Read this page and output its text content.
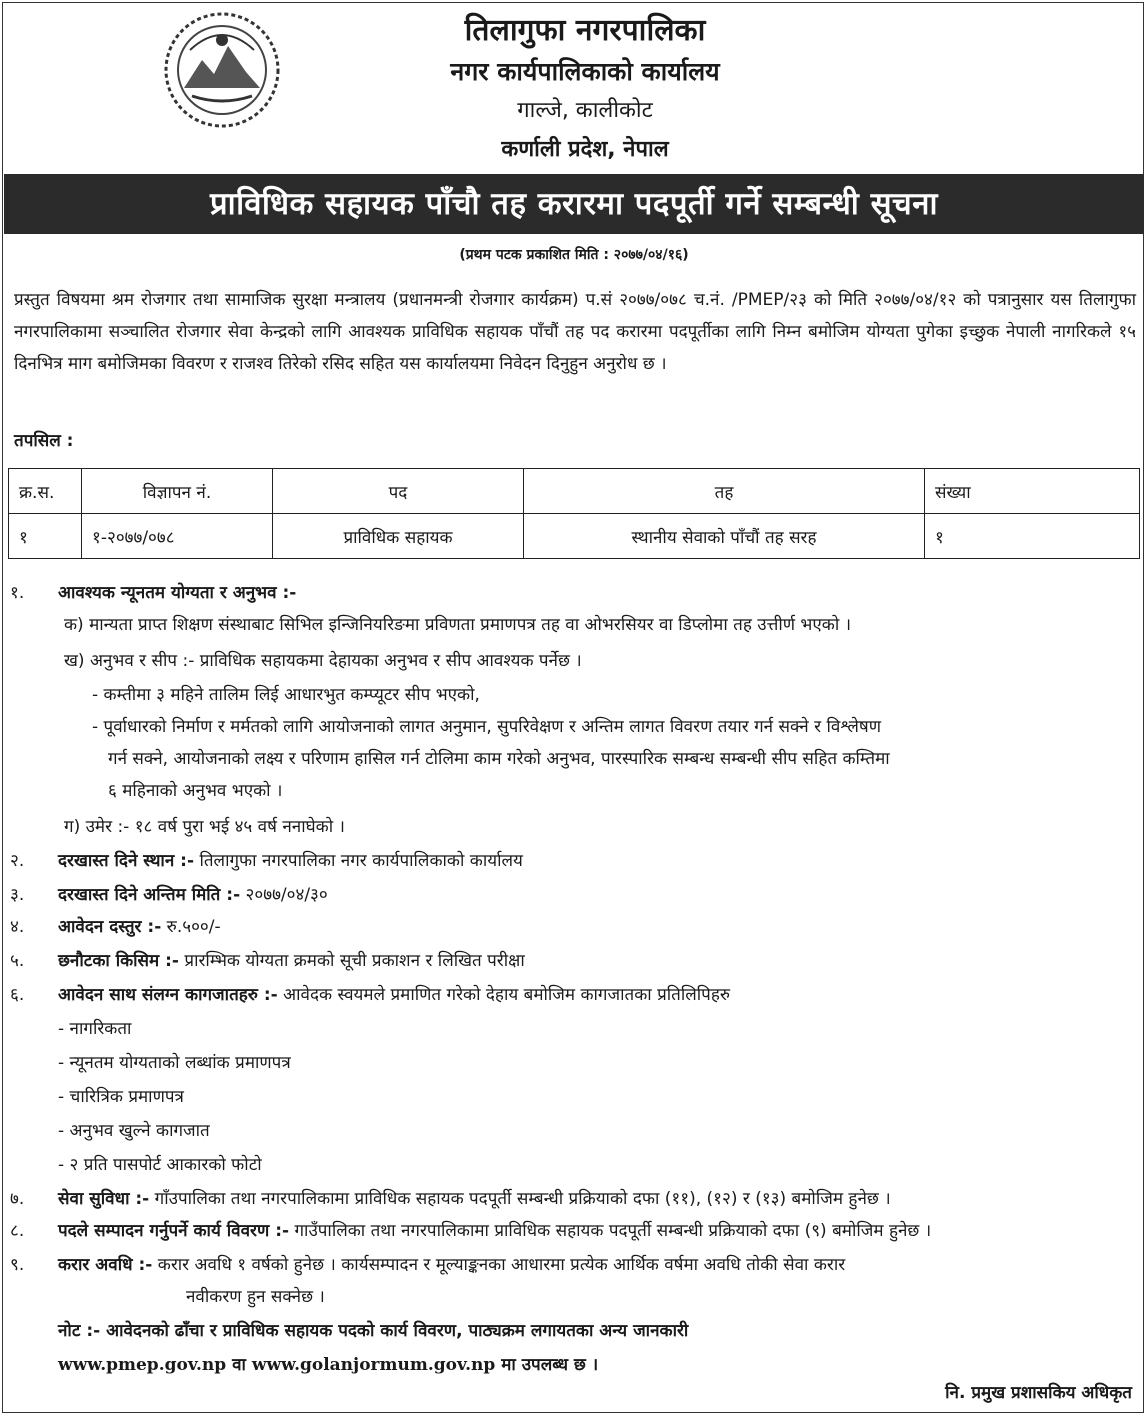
तिलागुफा नगरपालिका
नगर कार्यपालिकाको कार्यालय
गाल्जे, कालीकोट
कर्णाली प्रदेश, नेपाल
प्राविधिक सहायक पाँचौ तह करारमा पदपूर्ती गर्ने सम्बन्धी सूचना
(प्रथम पटक प्रकाशित मिति : २०७७/०४/१६)
प्रस्तुत विषयमा श्रम रोजगार तथा सामाजिक सुरक्षा मन्त्रालय (प्रधानमन्त्री रोजगार कार्यक्रम) प.सं २०७७/०७८ च.नं. /PMEP/२३ को मिति २०७७/०४/१२ को पत्रानुसार यस तिलागुफा नगरपालिकामा सञ्चालित रोजगार सेवा केन्द्रको लागि आवश्यक प्राविधिक सहायक पाँचौं तह पद करारमा पदपूर्तीका लागि निम्न बमोजिम योग्यता पुगेका इच्छुक नेपाली नागरिकले १५ दिनभित्र माग बमोजिमका विवरण र राजश्व तिरेको रसिद सहित यस कार्यालयमा निवेदन दिनुहुन अनुरोध छ ।
तपसिल :
क्र.स.	विज्ञापन नं.	पद	तह	संख्या
१	१-२०७७/०७८	प्राविधिक सहायक	स्थानीय सेवाको पाँचौं तह सरह	१
१. आवश्यक न्यूनतम योग्यता र अनुभव :-
क) मान्यता प्राप्त शिक्षण संस्थाबाट सिभिल इन्जिनियरिङमा प्रविणता प्रमाणपत्र तह वा ओभरसियर वा डिप्लोमा तह उत्तीर्ण भएको ।
ख) अनुभव र सीप :- प्राविधिक सहायकमा देहायका अनुभव र सीप आवश्यक पर्नेछ ।
- कम्तीमा ३ महिने तालिम लिई आधारभुत कम्प्यूटर सीप भएको,
- पूर्वाधारको निर्माण र मर्मतको लागि आयोजनाको लागत अनुमान, सुपरिवेक्षण र अन्तिम लागत विवरण तयार गर्न सक्ने र विश्लेषण
गर्न सक्ने, आयोजनाको लक्ष्य र परिणाम हासिल गर्न टोलिमा काम गरेको अनुभव, पारस्पारिक सम्बन्ध सम्बन्धी सीप सहित कम्तिमा
६ महिनाको अनुभव भएको ।
ग) उमेर :- १८ वर्ष पुरा भई ४५ वर्ष ननाघेको ।
२. दरखास्त दिने स्थान :- तिलागुफा नगरपालिका नगर कार्यपालिकाको कार्यालय
३. दरखास्त दिने अन्तिम मिति :- २०७७/०४/३०
४. आवेदन दस्तुर :- रु.५००/-
५. छनौटका किसिम :- प्रारम्भिक योग्यता क्रमको सूची प्रकाशन र लिखित परीक्षा
६. आवेदन साथ संलग्न कागजातहरु :- आवेदक स्वयमले प्रमाणित गरेको देहाय बमोजिम कागजातका प्रतिलिपिहरु
- नागरिकता
- न्यूनतम योग्यताको लब्धांक प्रमाणपत्र
- चारित्रिक प्रमाणपत्र
- अनुभव खुल्ने कागजात
- २ प्रति पासपोर्ट आकारको फोटो
७. सेवा सुविधा :- गाँउपालिका तथा नगरपालिकामा प्राविधिक सहायक पदपूर्ती सम्बन्धी प्रक्रियाको दफा (११), (१२) र (१३) बमोजिम हुनेछ ।
८. पदले सम्पादन गर्नुपर्ने कार्य विवरण :- गाउँपालिका तथा नगरपालिकामा प्राविधिक सहायक पदपूर्ती सम्बन्धी प्रक्रियाको दफा (९) बमोजिम हुनेछ ।
९. करार अवधि :- करार अवधि १ वर्षको हुनेछ । कार्यसम्पादन र मूल्याङ्कनका आधारमा प्रत्येक आर्थिक वर्षमा अवधि तोकी सेवा करार
नवीकरण हुन सक्नेछ ।
नोट :- आवेदनको ढाँचा र प्राविधिक सहायक पदको कार्य विवरण, पाठ्यक्रम लगायतका अन्य जानकारी
www.pmep.gov.np वा www.golanjormum.gov.np मा उपलब्ध छ ।
नि. प्रमुख प्रशासकिय अधिकृत
